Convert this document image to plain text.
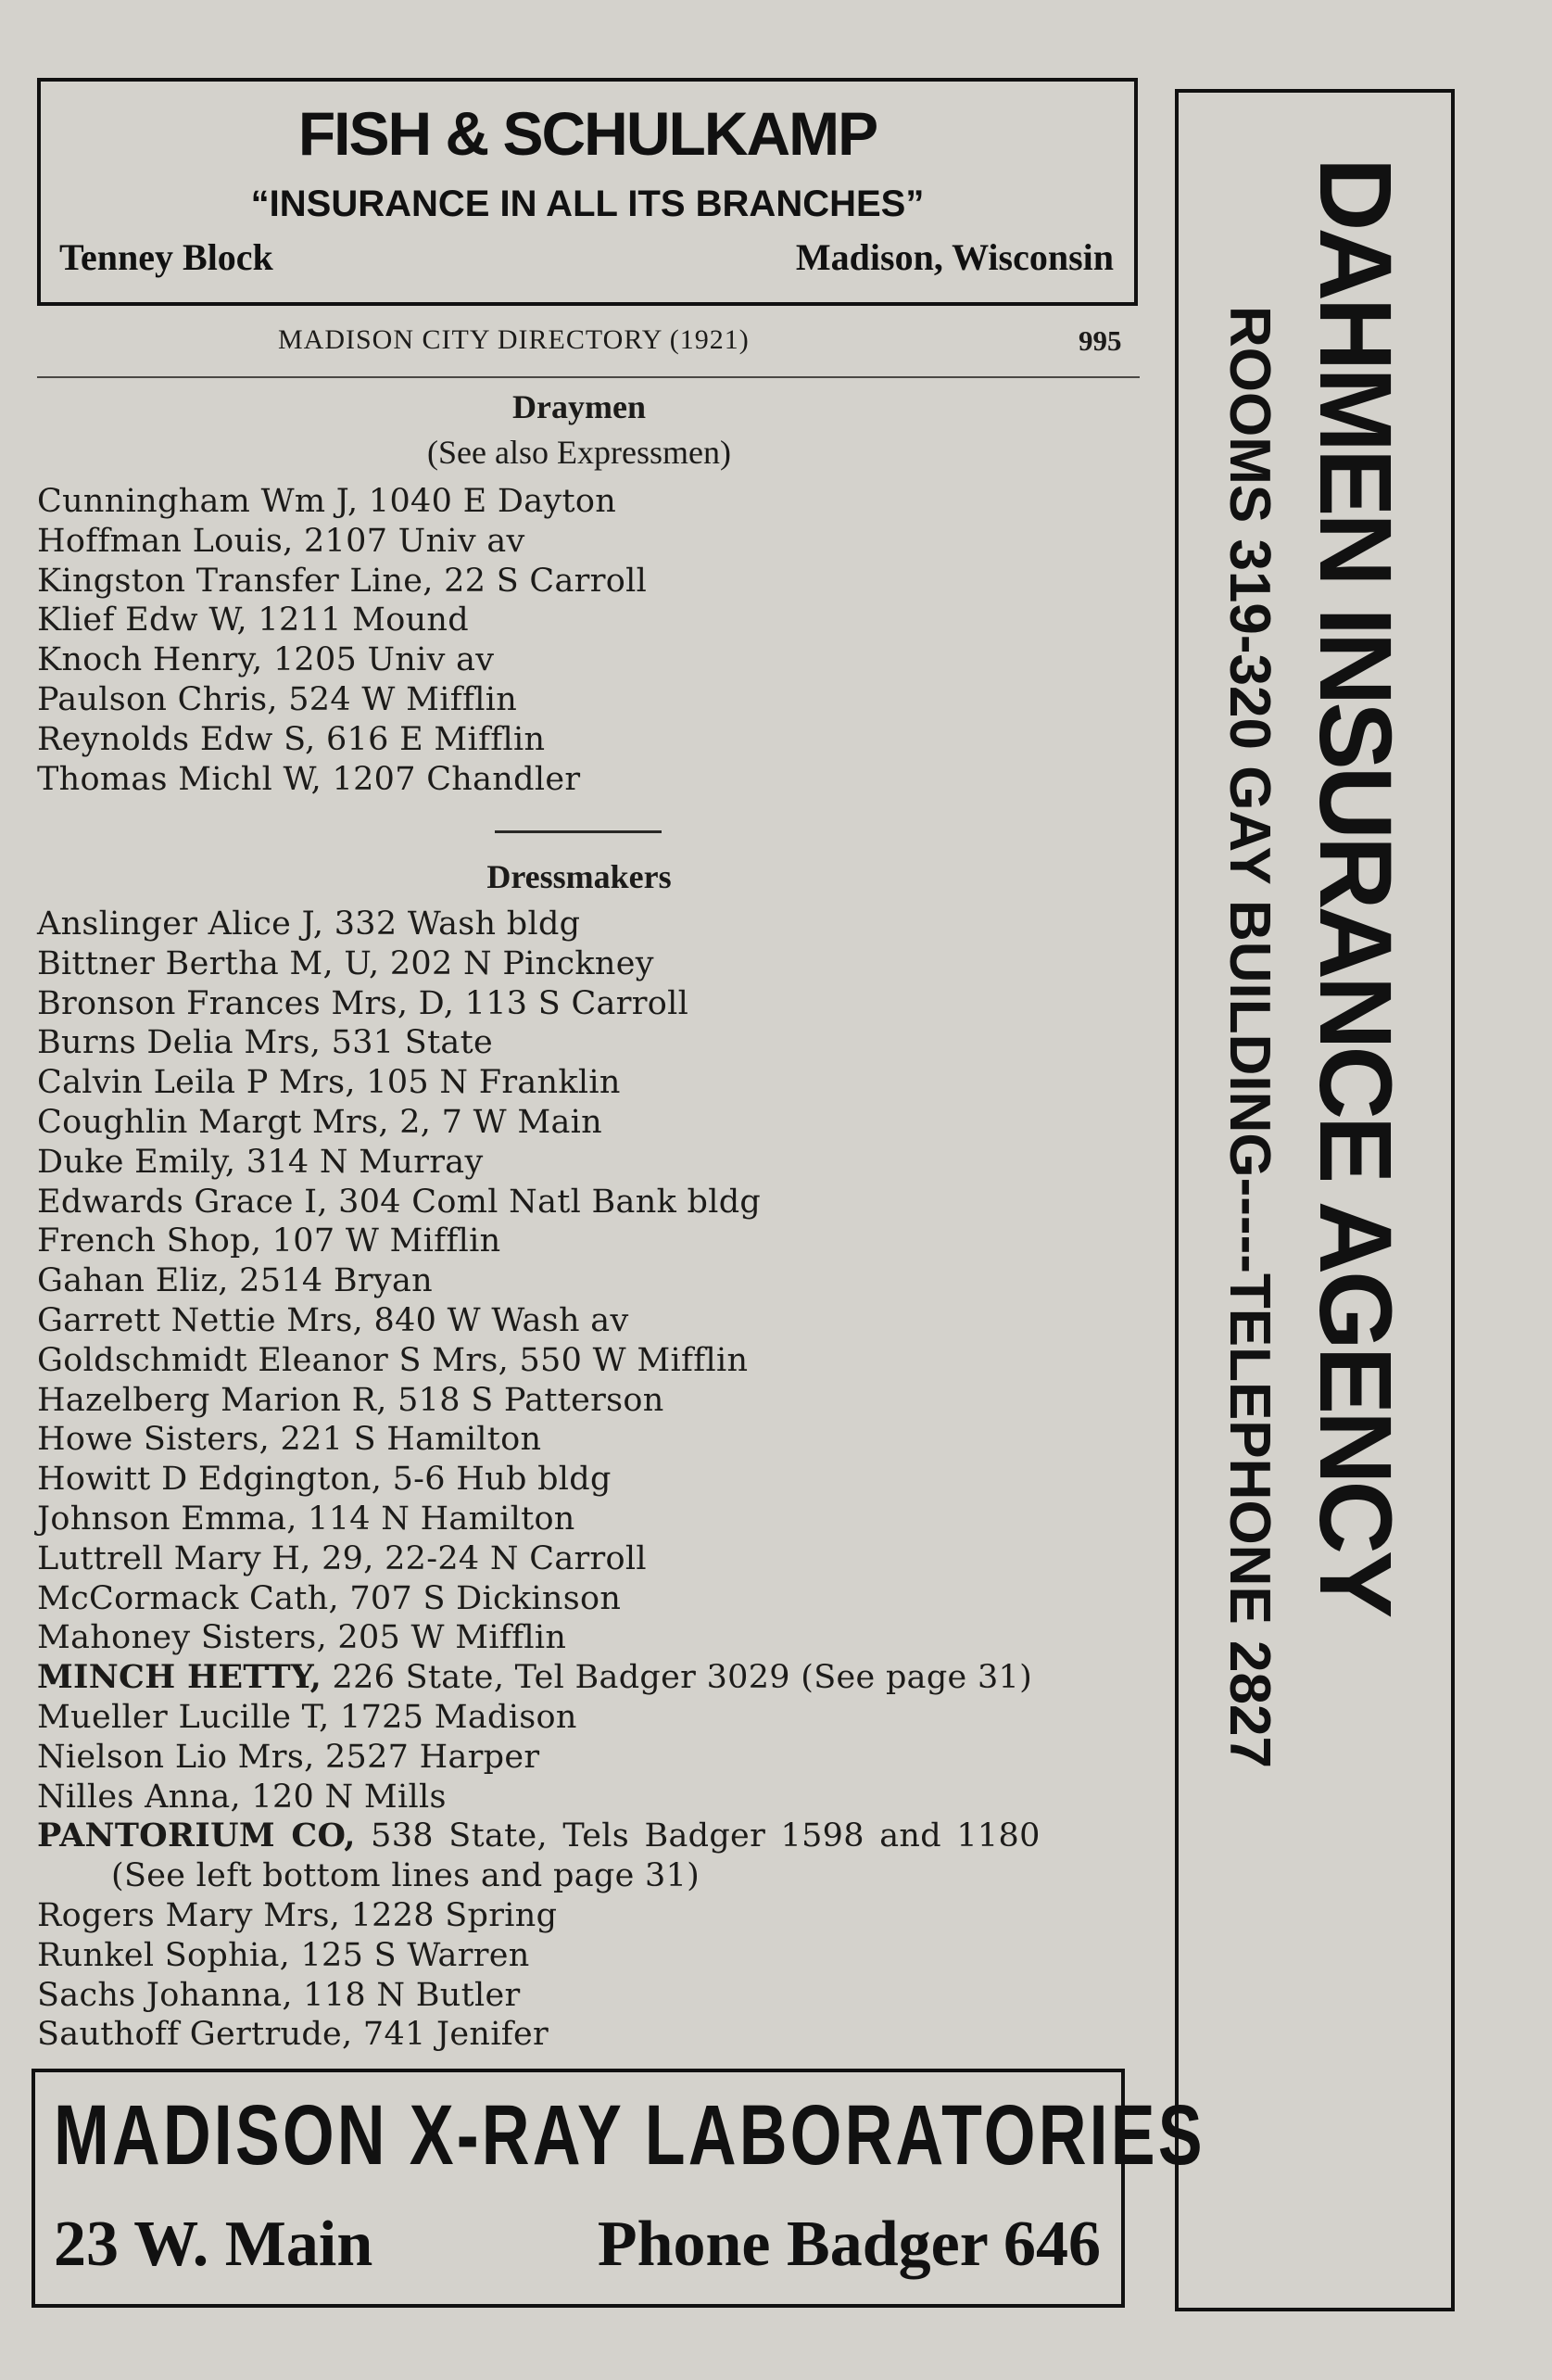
FISH & SCHULKAMP
“INSURANCE IN ALL ITS BRANCHES”
Tenney Block	Madison, Wisconsin
MADISON CITY DIRECTORY (1921)	995
Draymen
(See also Expressmen)
Cunningham Wm J, 1040 E Dayton
Hoffman Louis, 2107 Univ av
Kingston Transfer Line, 22 S Carroll
Klief Edw W, 1211 Mound
Knoch Henry, 1205 Univ av
Paulson Chris, 524 W Mifflin
Reynolds Edw S, 616 E Mifflin
Thomas Michl W, 1207 Chandler
Dressmakers
Anslinger Alice J, 332 Wash bldg
Bittner Bertha M, U, 202 N Pinckney
Bronson Frances Mrs, D, 113 S Carroll
Burns Delia Mrs, 531 State
Calvin Leila P Mrs, 105 N Franklin
Coughlin Margt Mrs, 2, 7 W Main
Duke Emily, 314 N Murray
Edwards Grace I, 304 Coml Natl Bank bldg
French Shop, 107 W Mifflin
Gahan Eliz, 2514 Bryan
Garrett Nettie Mrs, 840 W Wash av
Goldschmidt Eleanor S Mrs, 550 W Mifflin
Hazelberg Marion R, 518 S Patterson
Howe Sisters, 221 S Hamilton
Howitt D Edgington, 5-6 Hub bldg
Johnson Emma, 114 N Hamilton
Luttrell Mary H, 29, 22-24 N Carroll
McCormack Cath, 707 S Dickinson
Mahoney Sisters, 205 W Mifflin
MINCH HETTY, 226 State, Tel Badger 3029 (See page 31)
Mueller Lucille T, 1725 Madison
Nielson Lio Mrs, 2527 Harper
Nilles Anna, 120 N Mills
PANTORIUM CO, 538 State, Tels Badger 1598 and 1180
(See left bottom lines and page 31)
Rogers Mary Mrs, 1228 Spring
Runkel Sophia, 125 S Warren
Sachs Johanna, 118 N Butler
Sauthoff Gertrude, 741 Jenifer
MADISON X-RAY LABORATORIES
23 W. Main	Phone Badger 646
DAHMEN INSURANCE AGENCY
ROOMS 319-320 GAY BUILDING-----TELEPHONE 2827
